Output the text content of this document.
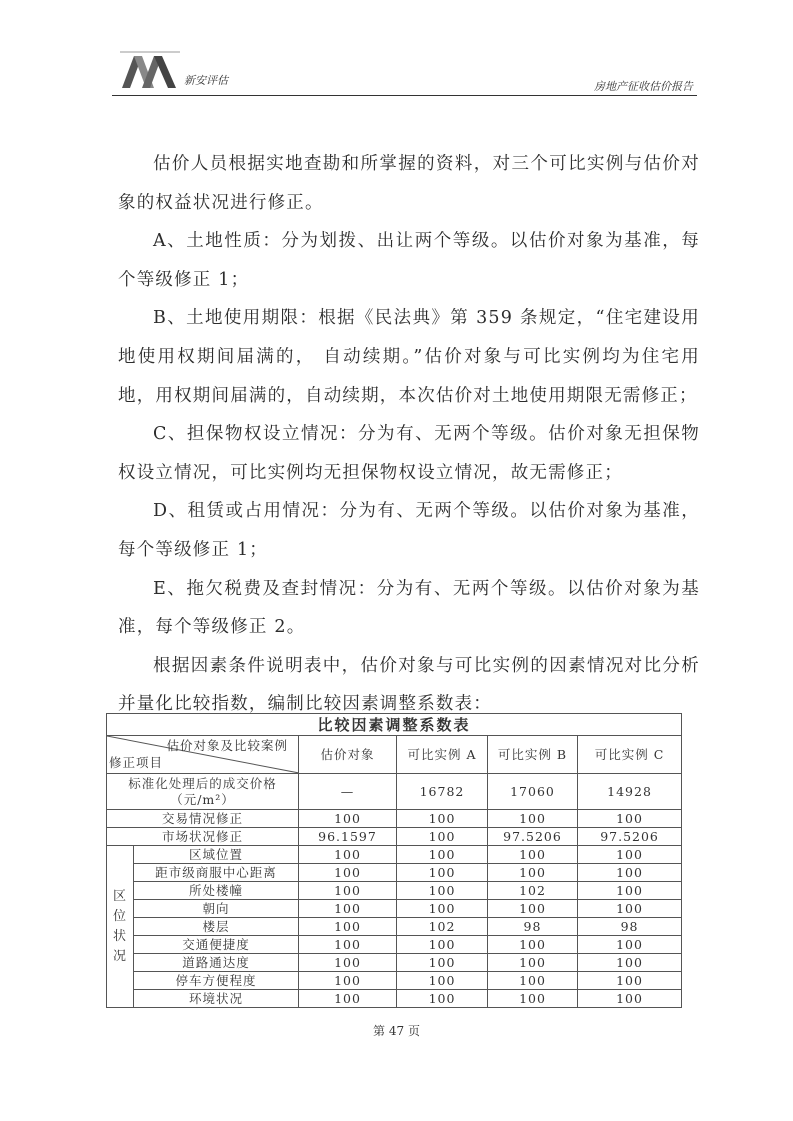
新安评估	房地产征收估价报告

估价人员根据实地查勘和所掌握的资料，对三个可比实例与估价对象的权益状况进行修正。

A、土地性质：分为划拨、出让两个等级。以估价对象为基准，每个等级修正 1；

B、土地使用期限：根据《民法典》第 359 条规定，“住宅建设用地使用权期间届满的， 自动续期。”估价对象与可比实例均为住宅用地，用权期间届满的，自动续期，本次估价对土地使用期限无需修正；

C、担保物权设立情况：分为有、无两个等级。估价对象无担保物权设立情况，可比实例均无担保物权设立情况，故无需修正；

D、租赁或占用情况：分为有、无两个等级。以估价对象为基准，每个等级修正 1；

E、拖欠税费及查封情况：分为有、无两个等级。以估价对象为基准，每个等级修正 2。

根据因素条件说明表中，估价对象与可比实例的因素情况对比分析并量化比较指数，编制比较因素调整系数表：

比较因素调整系数表					

估价对象及比较案例
修正项目		估价对象	可比实例 A	可比实例 B	可比实例 C
标准化处理后的成交价格
（元/m²）		—	16782	17060	14928
交易情况修正		100	100	100	100
市场状况修正		96.1597	100	97.5206	97.5206

区位状况	区域位置	100	100	100	100
	距市级商服中心距离	100	100	100	100
	所处楼幢	100	100	102	100
	朝向	100	100	100	100
	楼层	100	102	98	98
	交通便捷度	100	100	100	100
	道路通达度	100	100	100	100
	停车方便程度	100	100	100	100
	环境状况	100	100	100	100
第 47 页
